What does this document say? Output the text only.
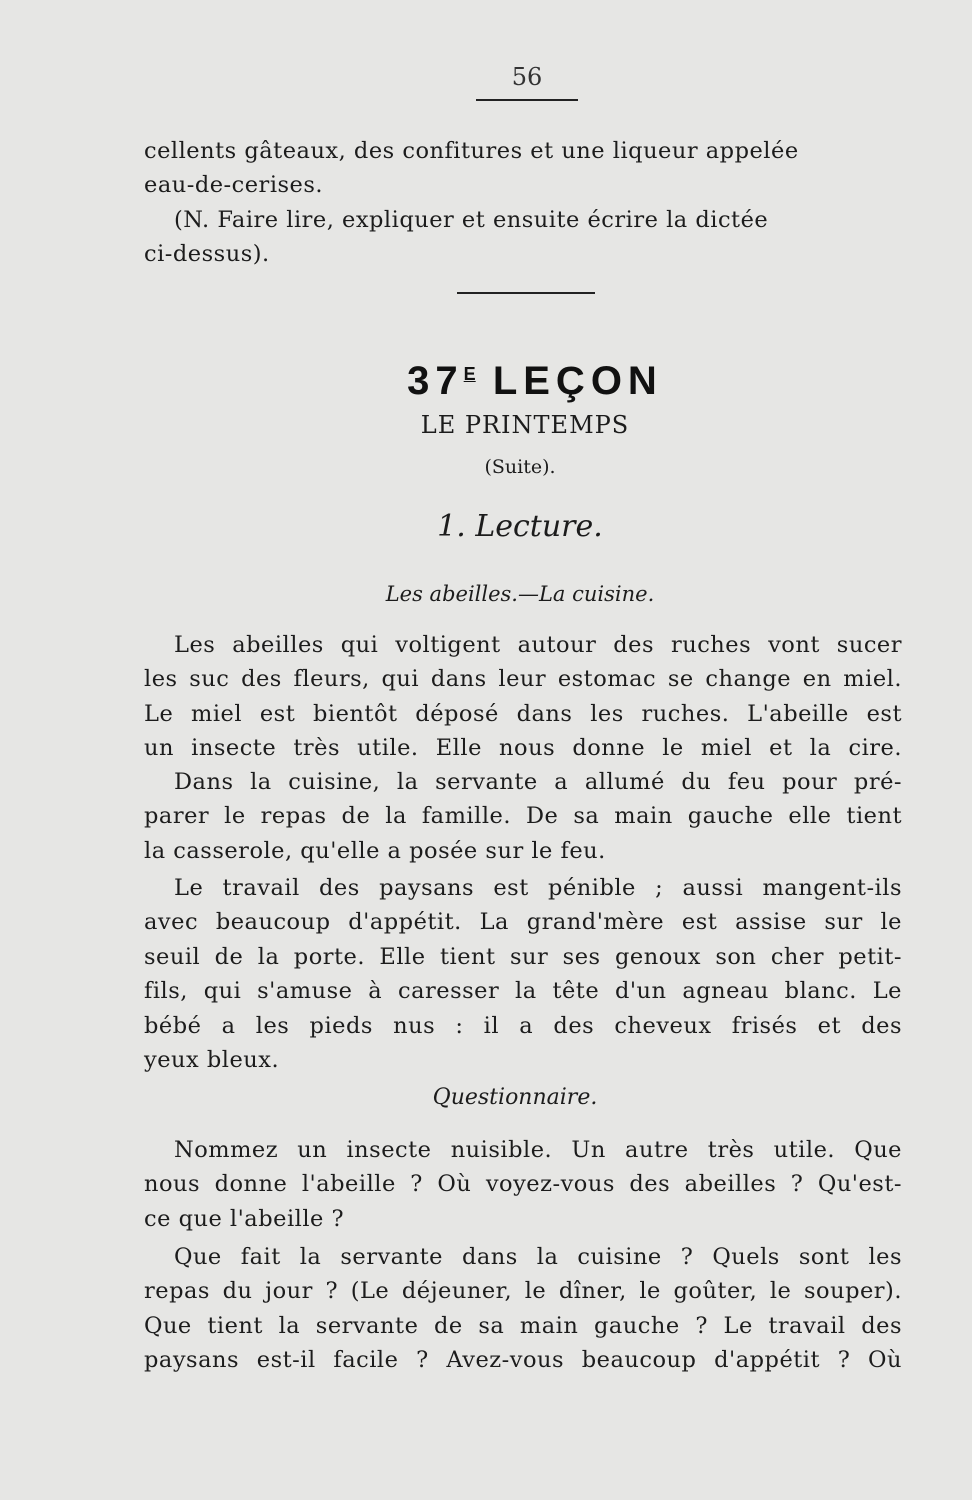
56
cellents gâteaux, des confitures et une liqueur appelée
eau-de-cerises.
(N. Faire lire, expliquer et ensuite écrire la dictée
ci-dessus).
$37^E$ LEÇON
LE PRINTEMPS
(Suite).
1. Lecture.
Les abeilles.—La cuisine.
Les abeilles qui voltigent autour des ruches vont sucer
les suc des fleurs, qui dans leur estomac se change en miel.
Le miel est bientôt déposé dans les ruches. L'abeille est
un insecte très utile. Elle nous donne le miel et la cire.
Dans la cuisine, la servante a allumé du feu pour pré-
parer le repas de la famille. De sa main gauche elle tient
la casserole, qu'elle a posée sur le feu.
Le travail des paysans est pénible ; aussi mangent-ils
avec beaucoup d'appétit. La grand'mère est assise sur le
seuil de la porte. Elle tient sur ses genoux son cher petit-
fils, qui s'amuse à caresser la tête d'un agneau blanc. Le
bébé a les pieds nus : il a des cheveux frisés et des
yeux bleux.
Questionnaire.
Nommez un insecte nuisible. Un autre très utile. Que
nous donne l'abeille ? Où voyez-vous des abeilles ? Qu'est-
ce que l'abeille ?
Que fait la servante dans la cuisine ? Quels sont les
repas du jour ? (Le déjeuner, le dîner, le goûter, le souper).
Que tient la servante de sa main gauche ? Le travail des
paysans est-il facile ? Avez-vous beaucoup d'appétit ? Où
